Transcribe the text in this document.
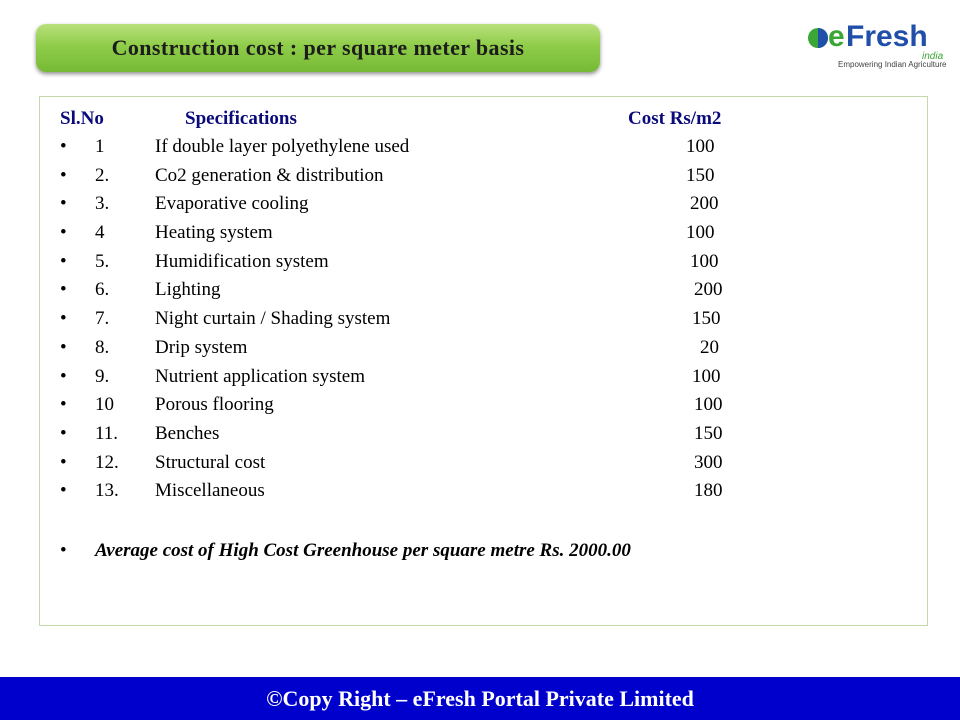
Construction cost : per square meter basis	e Fresh
india
Empowering Indian Agriculture
Sl.No	Specifications	Cost Rs/m2
• 1	If double layer polyethylene used	100
• 2. Co2 generation & distribution	150
• 3. Evaporative cooling	200
• 4	Heating system	100
• 5. Humidification system	100
• 6. Lighting	200
• 7. Night curtain / Shading system	150
• 8. Drip system	20
• 9. Nutrient application system	100
• 10 Porous flooring	100
• 11. Benches	150
• 12. Structural cost	300
• 13. Miscellaneous	180
• Average cost of High Cost Greenhouse per square metre Rs. 2000.00
©Copy Right – eFresh Portal Private Limited
